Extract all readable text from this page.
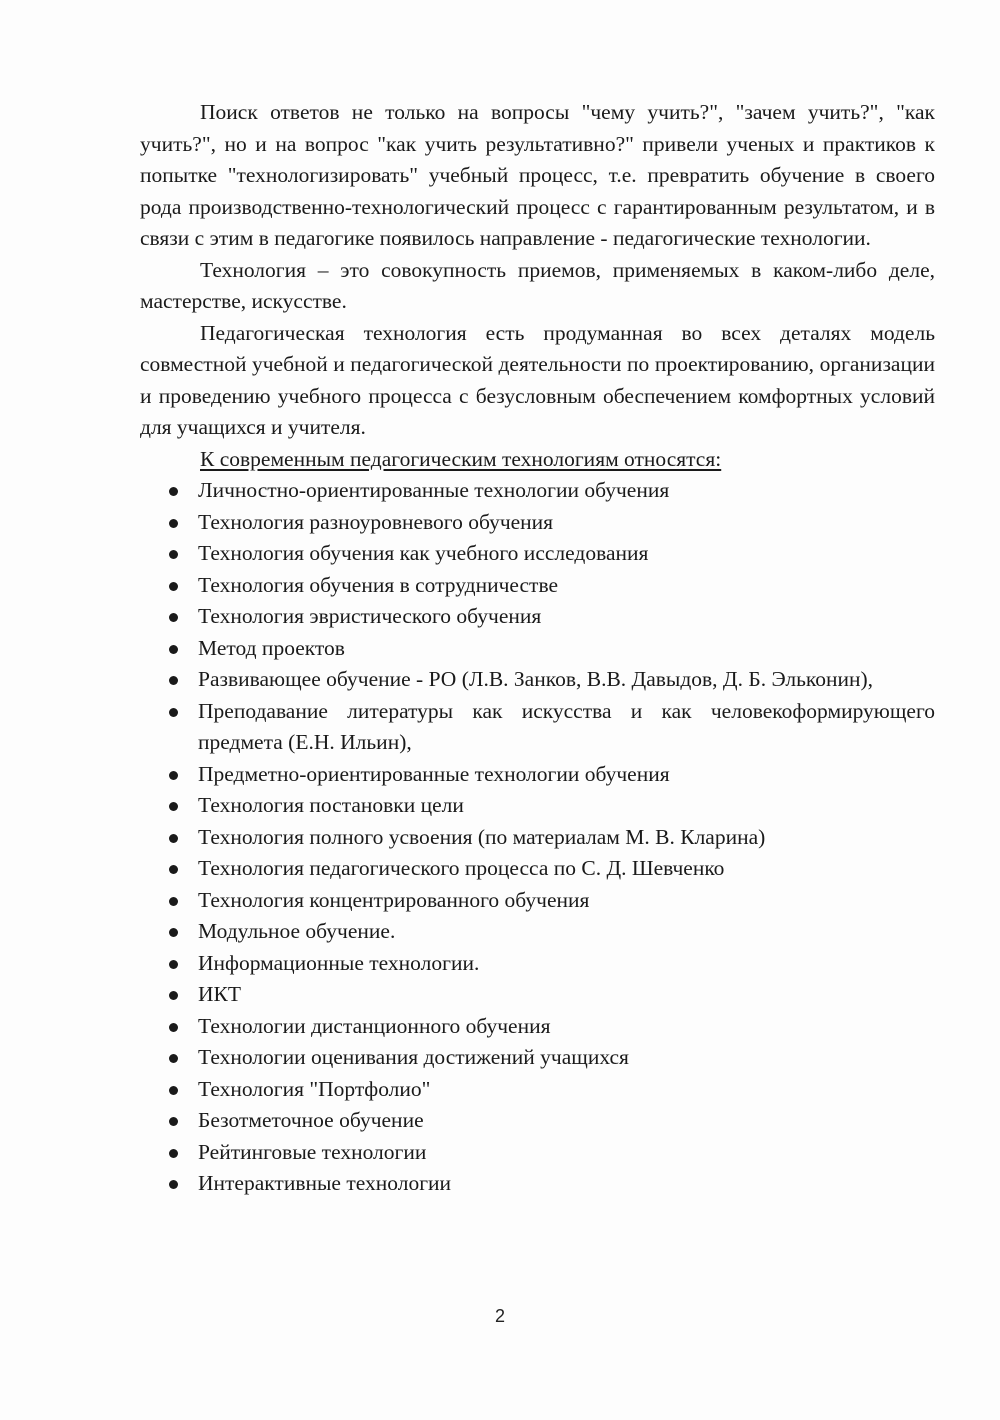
Поиск ответов не только на вопросы "чему учить?", "зачем учить?", "как учить?", но и на вопрос "как учить результативно?" привели ученых и практиков к попытке "технологизировать" учебный процесс, т.е. превратить обучение в своего рода производственно-технологический процесс с гарантированным результатом, и в связи с этим в педагогике появилось направление - педагогические технологии.

Технология – это совокупность приемов, применяемых в каком-либо деле, мастерстве, искусстве.

Педагогическая технология есть продуманная во всех деталях модель совместной учебной и педагогической деятельности по проектированию, организации и проведению учебного процесса с безусловным обеспечением комфортных условий для учащихся и учителя.

К современным педагогическим технологиям относятся:

Личностно-ориентированные технологии обучения
Технология разноуровневого обучения
Технология обучения как учебного исследования
Технология обучения в сотрудничестве
Технология эвристического обучения
Метод проектов
Развивающее обучение - РО (Л.В. Занков, В.В. Давыдов, Д. Б. Эльконин),
Преподавание литературы как искусства и как человекоформирующего предмета (Е.Н. Ильин),
Предметно-ориентированные технологии обучения
Технология постановки цели
Технология полного усвоения (по материалам М. В. Кларина)
Технология педагогического процесса по С. Д. Шевченко
Технология концентрированного обучения
Модульное обучение.
Информационные технологии.
ИКТ
Технологии дистанционного обучения
Технологии оценивания достижений учащихся
Технология "Портфолио"
Безотметочное обучение
Рейтинговые технологии
Интерактивные технологии
2
